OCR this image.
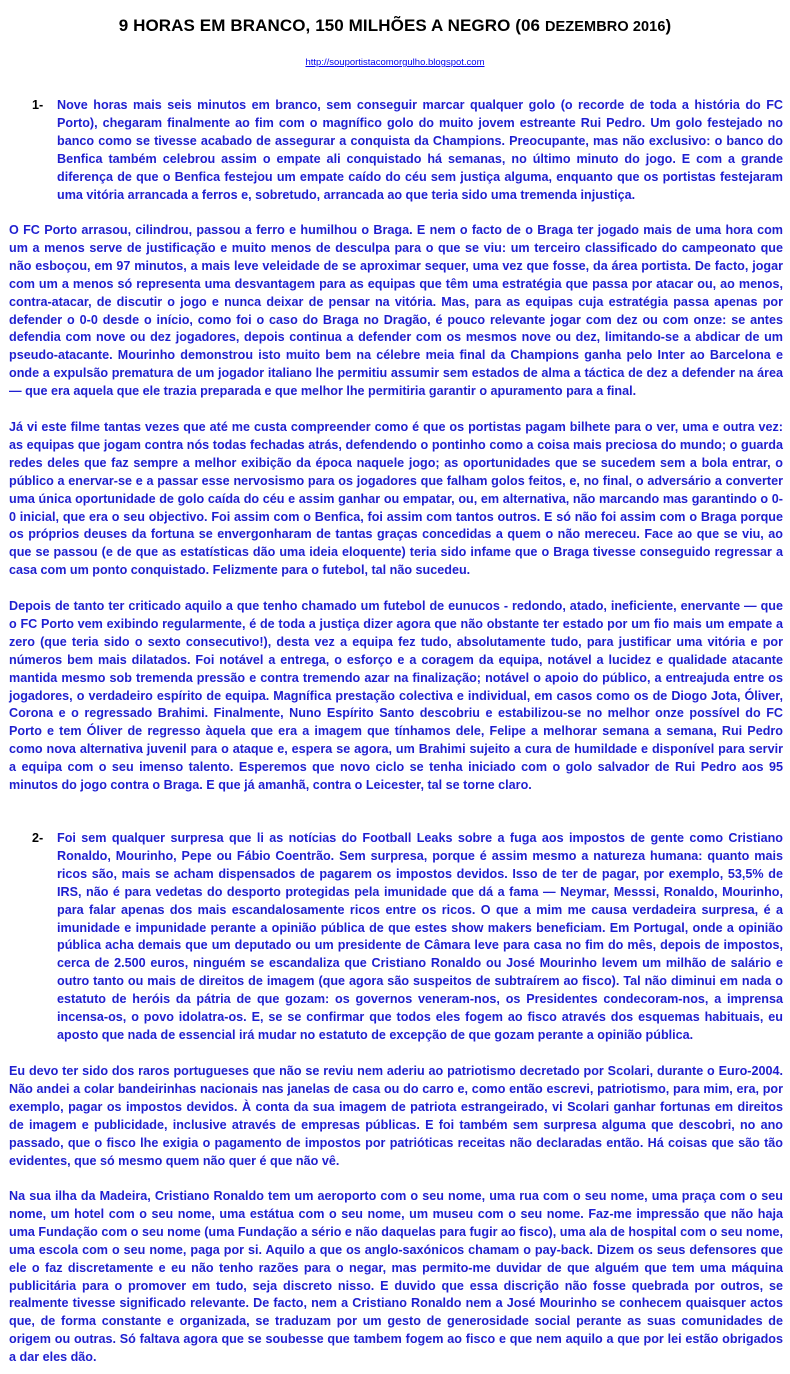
9 HORAS EM BRANCO, 150 MILHÕES A NEGRO (06 DEZEMBRO 2016)
http://souportistacomorgulho.blogspot.com
1- Nove horas mais seis minutos em branco, sem conseguir marcar qualquer golo (o recorde de toda a história do FC Porto), chegaram finalmente ao fim com o magnífico golo do muito jovem estreante Rui Pedro. Um golo festejado no banco como se tivesse acabado de assegurar a conquista da Champions. Preocupante, mas não exclusivo: o banco do Benfica também celebrou assim o empate ali conquistado há semanas, no último minuto do jogo. E com a grande diferença de que o Benfica festejou um empate caído do céu sem justiça alguma, enquanto que os portistas festejaram uma vitória arrancada a ferros e, sobretudo, arrancada ao que teria sido uma tremenda injustiça.

O FC Porto arrasou, cilindrou, passou a ferro e humilhou o Braga. E nem o facto de o Braga ter jogado mais de uma hora com um a menos serve de justificação e muito menos de desculpa para o que se viu: um terceiro classificado do campeonato que não esboçou, em 97 minutos, a mais leve veleidade de se aproximar sequer, uma vez que fosse, da área portista. De facto, jogar com um a menos só representa uma desvantagem para as equipas que têm uma estratégia que passa por atacar ou, ao menos, contra-atacar, de discutir o jogo e nunca deixar de pensar na vitória. Mas, para as equipas cuja estratégia passa apenas por defender o 0-0 desde o início, como foi o caso do Braga no Dragão, é pouco relevante jogar com dez ou com onze: se antes defendia com nove ou dez jogadores, depois continua a defender com os mesmos nove ou dez, limitando-se a abdicar de um pseudo-atacante. Mourinho demonstrou isto muito bem na célebre meia final da Champions ganha pelo Inter ao Barcelona e onde a expulsão prematura de um jogador italiano lhe permitiu assumir sem estados de alma a táctica de dez a defender na área — que era aquela que ele trazia preparada e que melhor lhe permitiria garantir o apuramento para a final.

Já vi este filme tantas vezes que até me custa compreender como é que os portistas pagam bilhete para o ver, uma e outra vez: as equipas que jogam contra nós todas fechadas atrás, defendendo o pontinho como a coisa mais preciosa do mundo; o guarda redes deles que faz sempre a melhor exibição da época naquele jogo; as oportunidades que se sucedem sem a bola entrar, o público a enervar-se e a passar esse nervosismo para os jogadores que falham golos feitos, e, no final, o adversário a converter uma única oportunidade de golo caída do céu e assim ganhar ou empatar, ou, em alternativa, não marcando mas garantindo o 0-0 inicial, que era o seu objectivo. Foi assim com o Benfica, foi assim com tantos outros. E só não foi assim com o Braga porque os próprios deuses da fortuna se envergonharam de tantas graças concedidas a quem o não mereceu. Face ao que se viu, ao que se passou (e de que as estatísticas dão uma ideia eloquente) teria sido infame que o Braga tivesse conseguido regressar a casa com um ponto conquistado. Felizmente para o futebol, tal não sucedeu.

Depois de tanto ter criticado aquilo a que tenho chamado um futebol de eunucos - redondo, atado, ineficiente, enervante — que o FC Porto vem exibindo regularmente, é de toda a justiça dizer agora que não obstante ter estado por um fio mais um empate a zero (que teria sido o sexto consecutivo!), desta vez a equipa fez tudo, absolutamente tudo, para justificar uma vitória e por números bem mais dilatados. Foi notável a entrega, o esforço e a coragem da equipa, notável a lucidez e qualidade atacante mantida mesmo sob tremenda pressão e contra tremendo azar na finalização; notável o apoio do público, a entreajuda entre os jogadores, o verdadeiro espírito de equipa. Magnífica prestação colectiva e individual, em casos como os de Diogo Jota, Óliver, Corona e o regressado Brahimi. Finalmente, Nuno Espírito Santo descobriu e estabilizou-se no melhor onze possível do FC Porto e tem Óliver de regresso àquela que era a imagem que tínhamos dele, Felipe a melhorar semana a semana, Rui Pedro como nova alternativa juvenil para o ataque e, espera se agora, um Brahimi sujeito a cura de humildade e disponível para servir a equipa com o seu imenso talento. Esperemos que novo ciclo se tenha iniciado com o golo salvador de Rui Pedro aos 95 minutos do jogo contra o Braga. E que já amanhã, contra o Leicester, tal se torne claro.

2- Foi sem qualquer surpresa que li as notícias do Football Leaks sobre a fuga aos impostos de gente como Cristiano Ronaldo, Mourinho, Pepe ou Fábio Coentrão. Sem surpresa, porque é assim mesmo a natureza humana: quanto mais ricos são, mais se acham dispensados de pagarem os impostos devidos. Isso de ter de pagar, por exemplo, 53,5% de IRS, não é para vedetas do desporto protegidas pela imunidade que dá a fama — Neymar, Messsi, Ronaldo, Mourinho, para falar apenas dos mais escandalosamente ricos entre os ricos. O que a mim me causa verdadeira surpresa, é a imunidade e impunidade perante a opinião pública de que estes show makers beneficiam. Em Portugal, onde a opinião pública acha demais que um deputado ou um presidente de Câmara leve para casa no fim do mês, depois de impostos, cerca de 2.500 euros, ninguém se escandaliza que Cristiano Ronaldo ou José Mourinho levem um milhão de salário e outro tanto ou mais de direitos de imagem (que agora são suspeitos de subtraírem ao fisco). Tal não diminui em nada o estatuto de heróis da pátria de que gozam: os governos veneram-nos, os Presidentes condecoram-nos, a imprensa incensa-os, o povo idolatra-os. E, se se confirmar que todos eles fogem ao fisco através dos esquemas habituais, eu aposto que nada de essencial irá mudar no estatuto de excepção de que gozam perante a opinião pública.

Eu devo ter sido dos raros portugueses que não se reviu nem aderiu ao patriotismo decretado por Scolari, durante o Euro-2004. Não andei a colar bandeirinhas nacionais nas janelas de casa ou do carro e, como então escrevi, patriotismo, para mim, era, por exemplo, pagar os impostos devidos. À conta da sua imagem de patriota estrangeirado, vi Scolari ganhar fortunas em direitos de imagem e publicidade, inclusive através de empresas públicas. E foi também sem surpresa alguma que descobri, no ano passado, que o fisco lhe exigia o pagamento de impostos por patrióticas receitas não declaradas então. Há coisas que são tão evidentes, que só mesmo quem não quer é que não vê.

Na sua ilha da Madeira, Cristiano Ronaldo tem um aeroporto com o seu nome, uma rua com o seu nome, uma praça com o seu nome, um hotel com o seu nome, uma estátua com o seu nome, um museu com o seu nome. Faz-me impressão que não haja uma Fundação com o seu nome (uma Fundação a sério e não daquelas para fugir ao fisco), uma ala de hospital com o seu nome, uma escola com o seu nome, paga por si. Aquilo a que os anglo-saxónicos chamam o pay-back. Dizem os seus defensores que ele o faz discretamente e eu não tenho razões para o negar, mas permito-me duvidar de que alguém que tem uma máquina publicitária para o promover em tudo, seja discreto nisso. E duvido que essa discrição não fosse quebrada por outros, se realmente tivesse significado relevante. De facto, nem a Cristiano Ronaldo nem a José Mourinho se conhecem quaisquer actos que, de forma constante e organizada, se traduzam por um gesto de generosidade social perante as suas comunidades de origem ou outras. Só faltava agora que se soubesse que tambem fogem ao fisco e que nem aquilo a que por lei estão obrigados a dar eles dão.
